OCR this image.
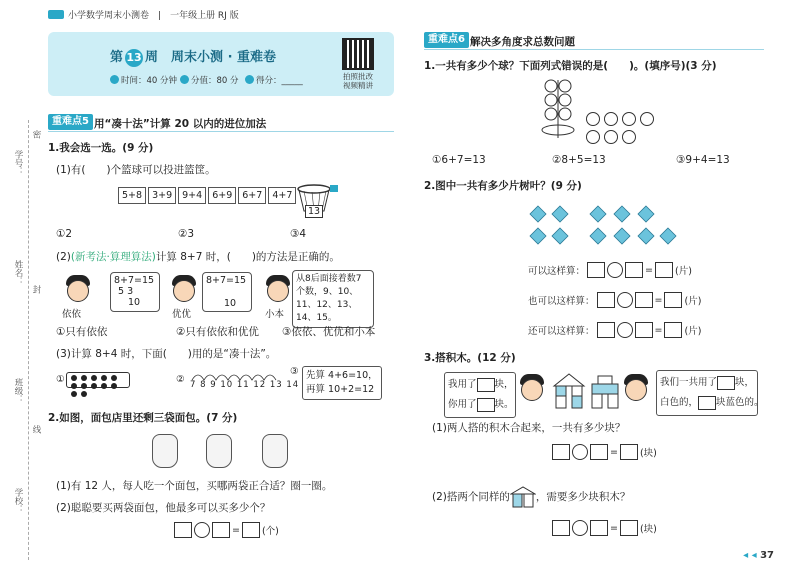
小学数学周末小测卷　|　一年级上册 RJ 版
第 13 周　 周末小测 · 重难卷
时间：40 分钟	分值：80 分	得分：_____	拍照批改
视频精讲
学号：
姓名：
班级：
学校：
密
封
线
重难点5 用“凑十法”计算 20 以内的进位加法
1.我会选一选。(9 分)
(1)有(　　)个篮球可以投进篮筐。
5+8	3+9	9+4	6+9	6+7	4+7
13
①2	②3	③4
(2)(新考法·算理算法)计算 8+7 时，(　　)的方法是正确的。
依依
8+7=15
5 3
10
优优
8+7=15
10
小本
从8后面接着数7个数，9、10、11、12、13、14、15。
①只有依依	②只有依依和优优 ③依依、优优和小本
(3)计算 8+4 时，下面(　　)用的是“凑十法”。
①	② 7 8 9 10 11 12 13 14
③ 先算 4+6=10，
再算 10+2=12
2.如图，面包店里还剩三袋面包。(7 分)
(1)有 12 人，每人吃一个面包，买哪两袋正合适？圈一圈。
(2)聪聪要买两袋面包，他最多可以买多少个？
= (个)
重难点6 解决多角度求总数问题
1.一共有多少个球？下面列式错误的是(　　)。(填序号)(3 分)
①6+7=13	②8+5=13	③9+4=13
2.图中一共有多少片树叶？(9 分)
可以这样算：	= (片)
也可以这样算：	= (片)
还可以这样算：	= (片)
3.搭积木。(12 分)
我用了 块，
你用了 块。
我们一共用了 块，
白色的， 块蓝色的。
(1)两人搭的积木合起来，一共有多少块？
= (块)
(2)搭两个同样的 ，需要多少块积木？
= (块)
◂ ◂ 37
